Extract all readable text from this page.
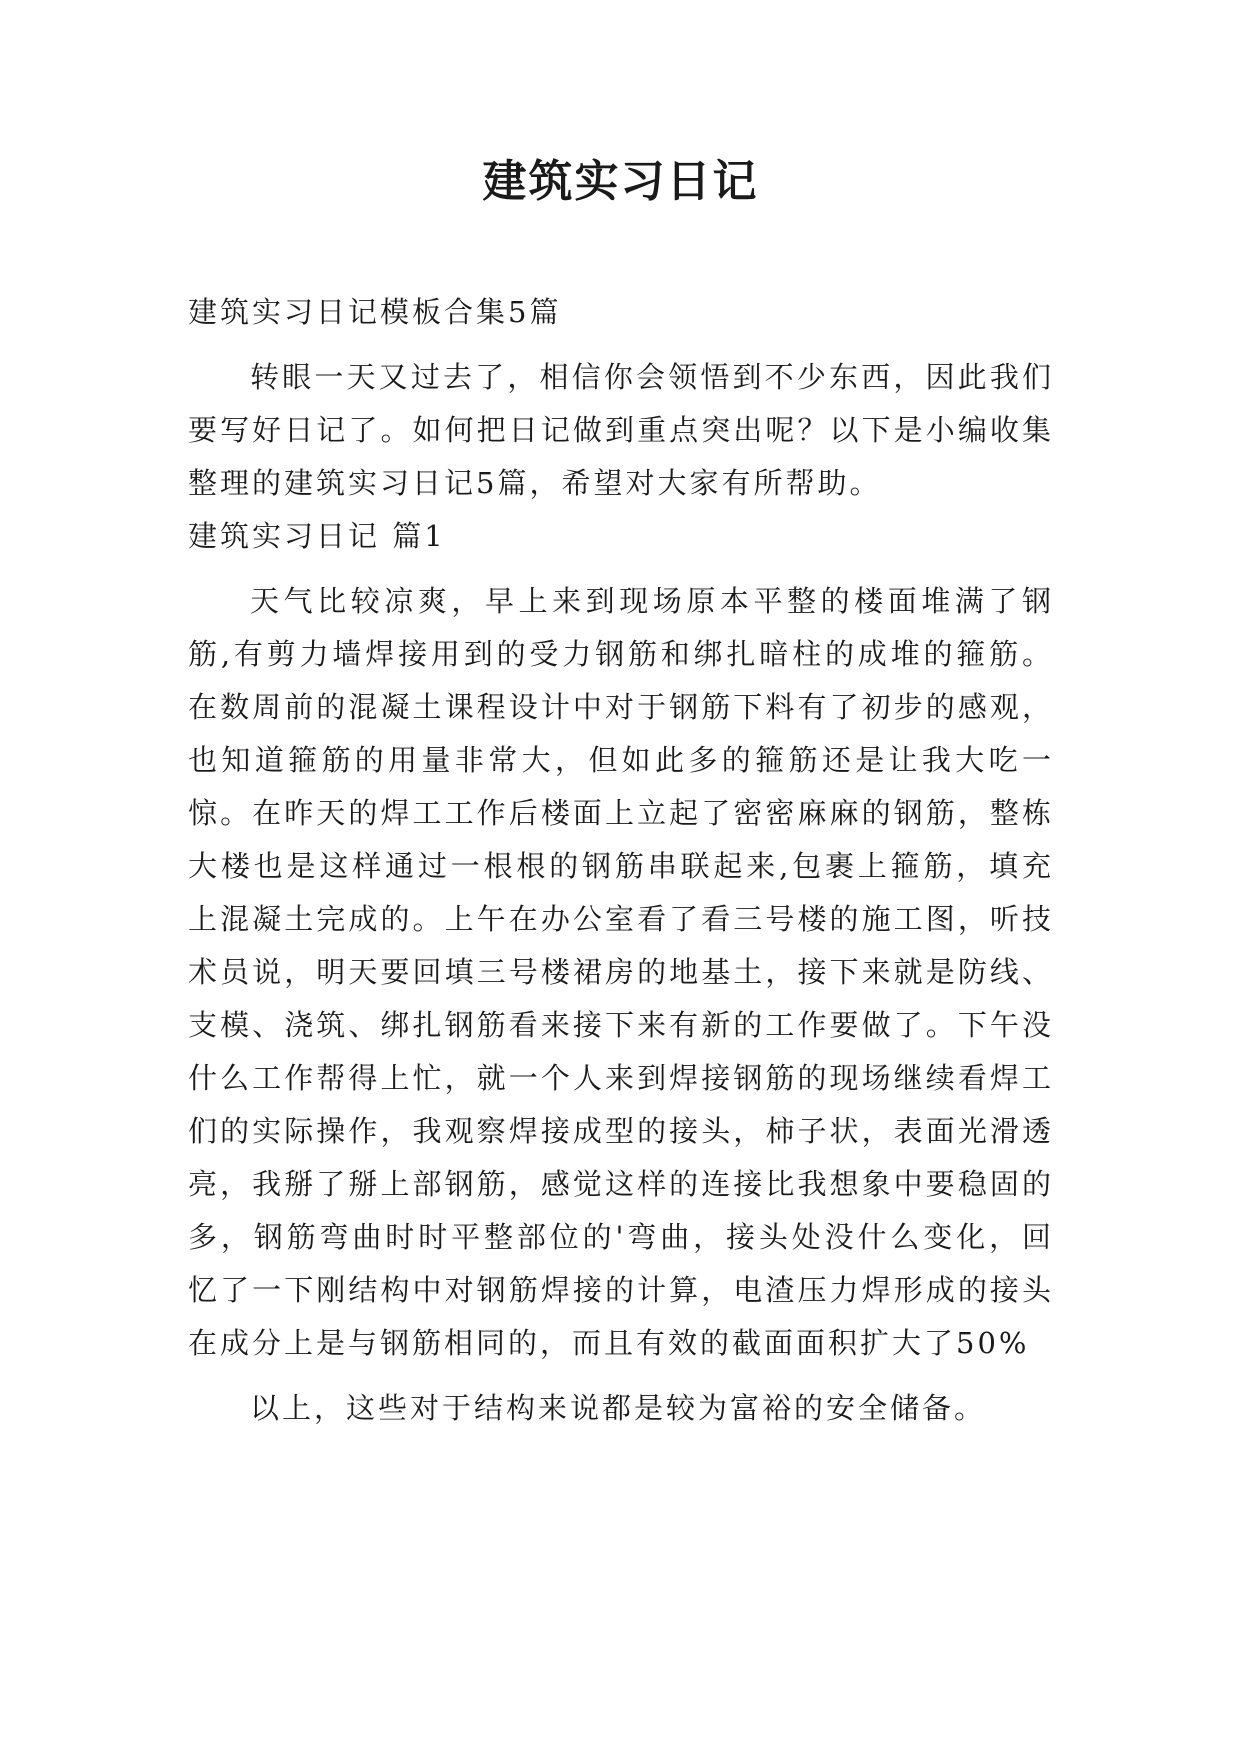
建筑实习日记

建筑实习日记模板合集5篇

转眼一天又过去了，相信你会领悟到不少东西，因此我们要写好日记了。如何把日记做到重点突出呢？以下是小编收集整理的建筑实习日记5篇，希望对大家有所帮助。

建筑实习日记 篇1

天气比较凉爽，早上来到现场原本平整的楼面堆满了钢筋,有剪力墙焊接用到的受力钢筋和绑扎暗柱的成堆的箍筋。在数周前的混凝土课程设计中对于钢筋下料有了初步的感观，也知道箍筋的用量非常大，但如此多的箍筋还是让我大吃一惊。在昨天的焊工工作后楼面上立起了密密麻麻的钢筋，整栋大楼也是这样通过一根根的钢筋串联起来,包裹上箍筋，填充上混凝土完成的。上午在办公室看了看三号楼的施工图，听技术员说，明天要回填三号楼裙房的地基土，接下来就是防线、支模、浇筑、绑扎钢筋看来接下来有新的工作要做了。下午没什么工作帮得上忙，就一个人来到焊接钢筋的现场继续看焊工们的实际操作，我观察焊接成型的接头，柿子状，表面光滑透亮，我掰了掰上部钢筋，感觉这样的连接比我想象中要稳固的多，钢筋弯曲时时平整部位的'弯曲，接头处没什么变化，回忆了一下刚结构中对钢筋焊接的计算，电渣压力焊形成的接头在成分上是与钢筋相同的，而且有效的截面面积扩大了50%

以上，这些对于结构来说都是较为富裕的安全储备。
